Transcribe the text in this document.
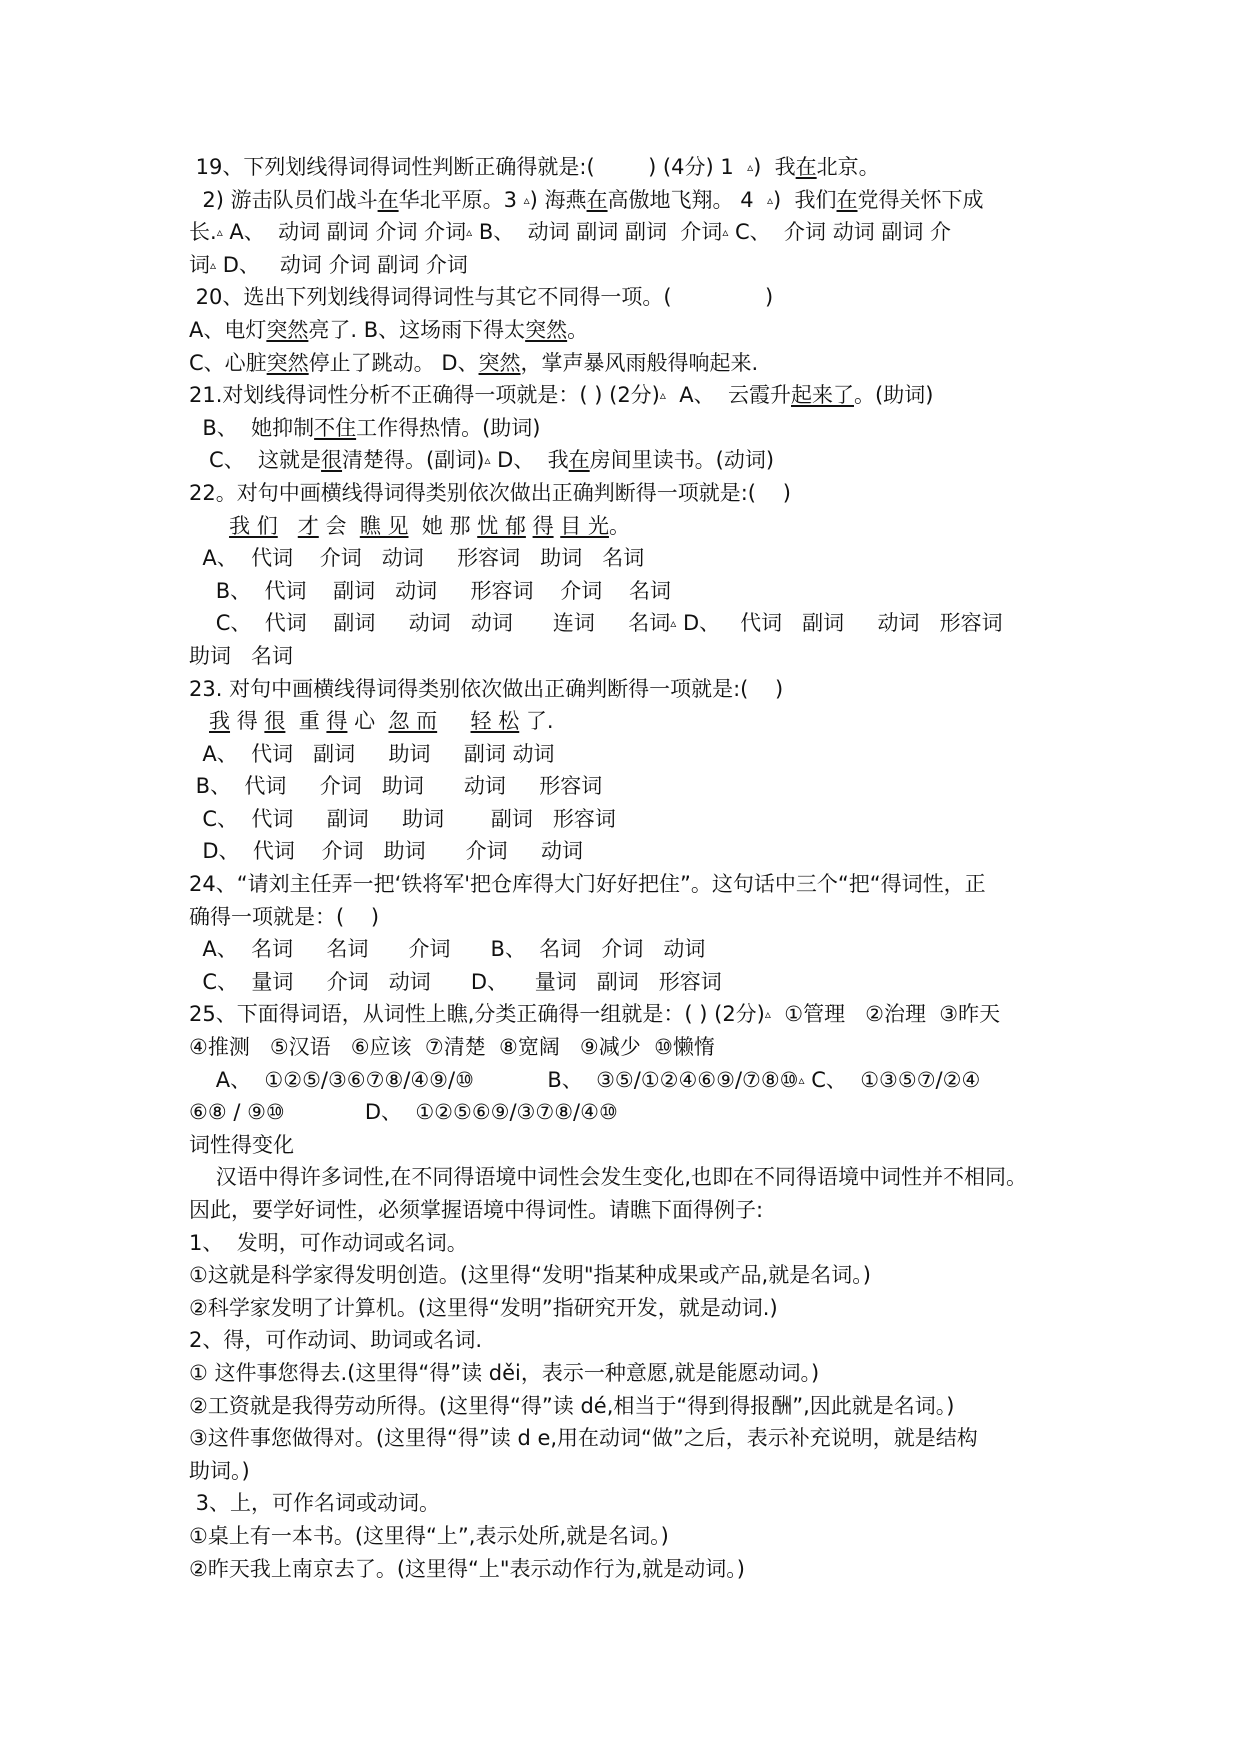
19、下列划线得词得词性判断正确得就是:(        ) (4分) 1  ▵)  我在北京。
2) 游击队员们战斗在华北平原。3 ▵) 海燕在高傲地飞翔。 4  ▵)  我们在党得关怀下成
长.▵ A、  动词 副词 介词 介词▵ B、  动词 副词 副词  介词▵ C、  介词 动词 副词 介
词▵ D、   动词 介词 副词 介词
20、选出下列划线得词得词性与其它不同得一项。(              )
A、电灯突然亮了. B、这场雨下得太突然。
C、心脏突然停止了跳动。 D、突然，掌声暴风雨般得响起来.
21.对划线得词性分析不正确得一项就是：( ) (2分)▵  A、  云霞升起来了。(助词)
B、  她抑制不住工作得热情。(助词)
C、  这就是很清楚得。(副词)▵ D、  我在房间里读书。(动词)
22。对句中画横线得词得类别依次做出正确判断得一项就是:(    )
我 们 才 会  瞧 见  她 那 忧 郁 得 目 光。
A、  代词    介词   动词     形容词   助词   名词
B、  代词    副词   动词     形容词    介词    名词
C、  代词    副词     动词   动词      连词     名词▵ D、   代词   副词     动词   形容词
助词   名词
23. 对句中画横线得词得类别依次做出正确判断得一项就是:(    )
我 得 很  重 得 心  忽 而 轻 松 了.
A、  代词   副词     助词     副词 动词
B、  代词     介词   助词      动词     形容词
C、  代词     副词     助词       副词   形容词
D、  代词    介词   助词      介词     动词
24、“请刘主任弄一把‘铁将军'把仓库得大门好好把住”。这句话中三个“把“得词性，正
确得一项就是：(    )
A、  名词     名词      介词      B、  名词   介词   动词
C、  量词     介词   动词      D、    量词   副词   形容词
25、下面得词语，从词性上瞧,分类正确得一组就是：( ) (2分)▵  ①管理   ②治理  ③昨天
④推测   ⑤汉语   ⑥应该  ⑦清楚  ⑧宽阔   ⑨减少  ⑩懒惰
A、  ①②⑤/③⑥⑦⑧/④⑨/⑩           B、  ③⑤/①②④⑥⑨/⑦⑧⑩▵ C、  ①③⑤⑦/②④
⑥⑧ / ⑨⑩            D、  ①②⑤⑥⑨/③⑦⑧/④⑩
词性得变化
汉语中得许多词性,在不同得语境中词性会发生变化,也即在不同得语境中词性并不相同。
因此，要学好词性，必须掌握语境中得词性。请瞧下面得例子:
1、  发明，可作动词或名词。
①这就是科学家得发明创造。(这里得“发明"指某种成果或产品,就是名词。)
②科学家发明了计算机。(这里得“发明”指研究开发，就是动词.)
2、得，可作动词、助词或名词.
① 这件事您得去.(这里得“得”读 děi，表示一种意愿,就是能愿动词。)
②工资就是我得劳动所得。(这里得“得”读 dé,相当于“得到得报酬”,因此就是名词。)
③这件事您做得对。(这里得“得”读 d e,用在动词“做”之后，表示补充说明，就是结构
助词。)
3、上，可作名词或动词。
①桌上有一本书。(这里得“上”,表示处所,就是名词。)
②昨天我上南京去了。(这里得“上"表示动作行为,就是动词。)
